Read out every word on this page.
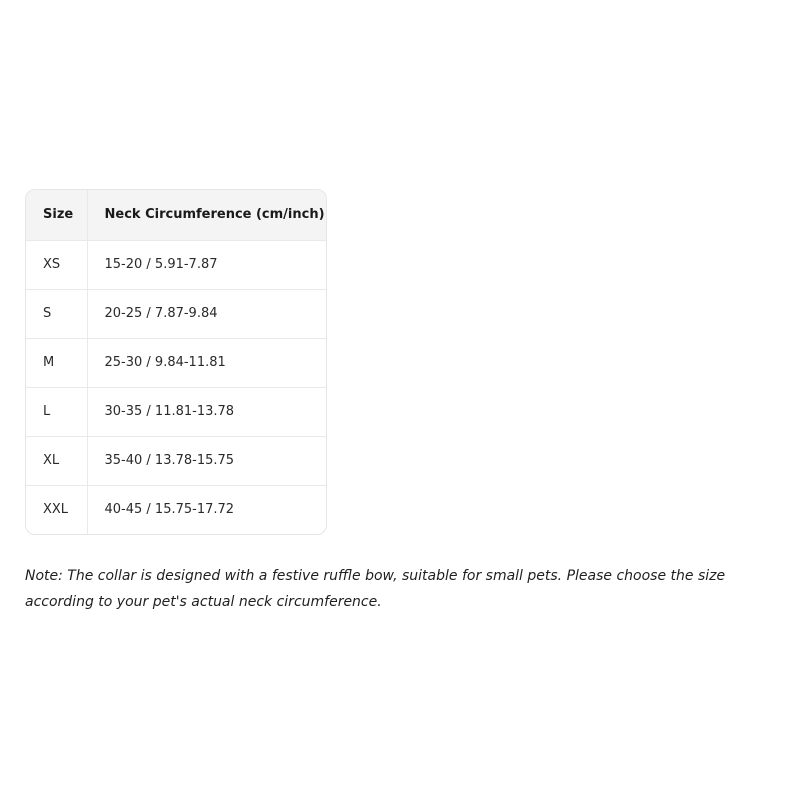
Size	Neck Circumference (cm/inch)
XS	15-20 / 5.91-7.87
S	20-25 / 7.87-9.84
M	25-30 / 9.84-11.81
L	30-35 / 11.81-13.78
XL	35-40 / 13.78-15.75
XXL	40-45 / 15.75-17.72

Note: The collar is designed with a festive ruffle bow, suitable for small pets. Please choose the size according to your pet's actual neck circumference.
